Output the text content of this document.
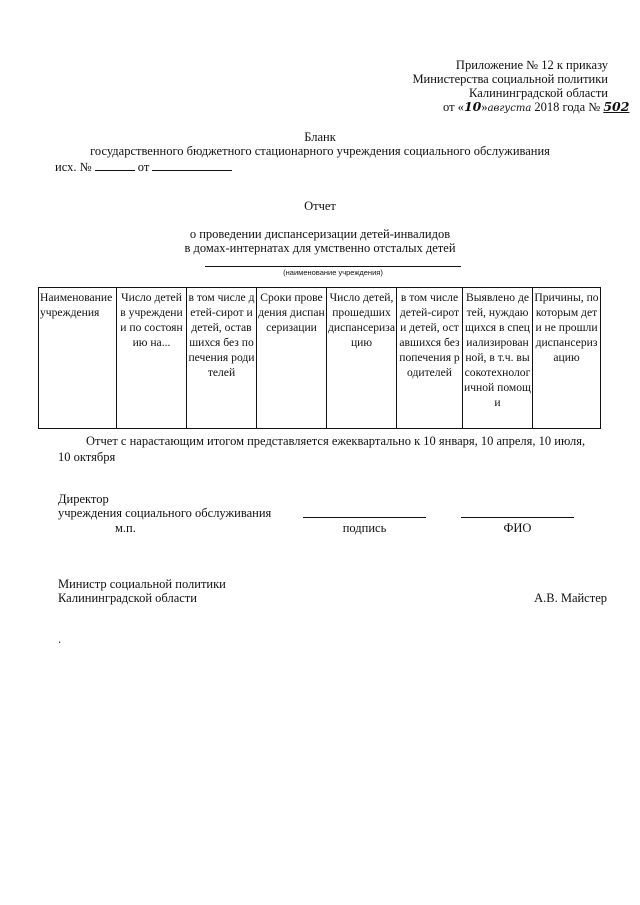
Приложение № 12 к приказу
Министерства социальной политики
Калининградской области
от «10»августа 2018 года № 502
Бланк
государственного бюджетного стационарного учреждения социального обслуживания
исх. №	от
Отчет
о проведении диспансеризации детей-инвалидов
в домах-интернатах для умственно отсталых детей
(наименование учреждения)
Наименование учреждения	Число детей в учреждении по состоянию на...	в том числе детей-сирот и детей, оставшихся без попечения родителей	Сроки проведения диспансеризации	Число детей, прошедших диспансеризацию	в том числе детей-сирот и детей, оставшихся без попечения родителей	Выявлено детей, нуждающихся в специализированной, в т.ч. высокотехнологичной помощи	Причины, по которым дети не прошли диспансеризацию
Отчет с нарастающим итогом представляется ежеквартально к 10 января, 10 апреля, 10 июля,
10 октября
Директор
учреждения социального обслуживания
м.п.	подпись	ФИО
Министр социальной политики
Калининградской области	А.В. Майстер
.
